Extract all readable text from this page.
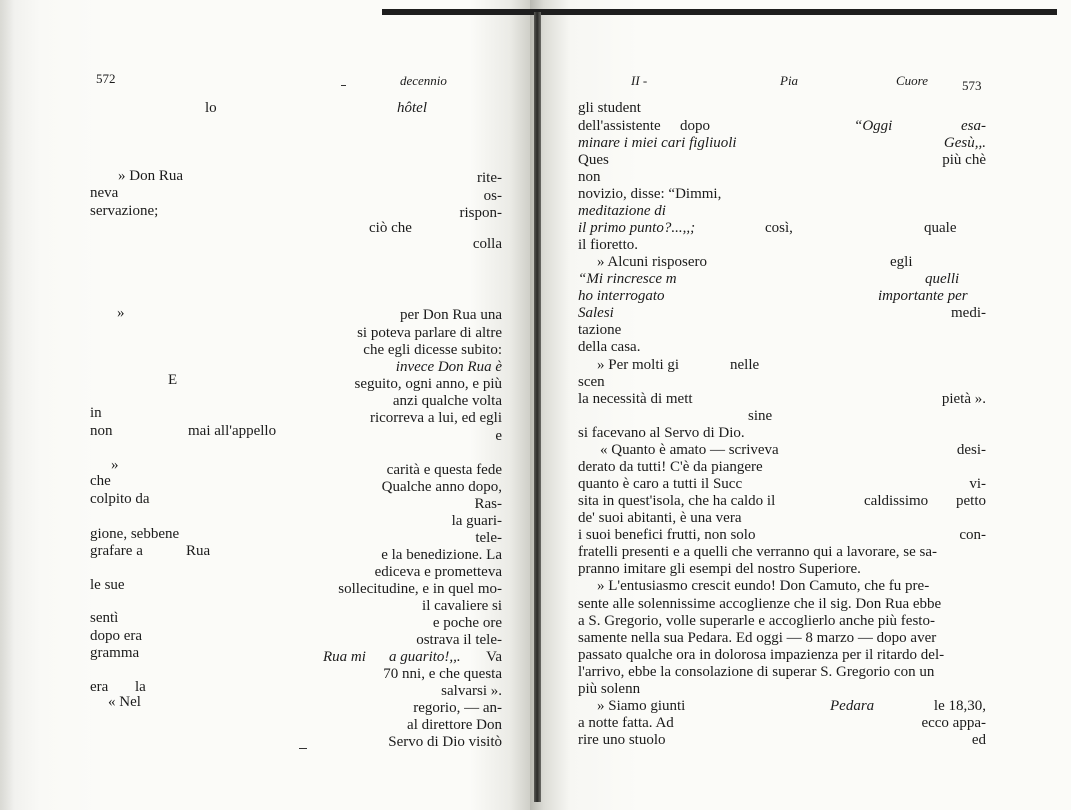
572	decennio
lo	hôtel
» Don Rua	rite-
neva	os-
servazione;	rispon-
ciò che
colla
»	per Don Rua una
si poteva parlare di altre
che egli dicesse subito:
invece Don Rua è
E	seguito, ogni anno, e più
anzi qualche volta
in	ricorreva a lui, ed egli
non	mai all'appello	e
»	carità e questa fede
che	Qualche anno dopo,
colpito da	Ras-
la guari-
gione, sebbene	tele-
grafare a	Rua	e la benedizione. La
ediceva e prometteva
le sue	sollecitudine, e in quel mo-
il cavaliere si
sentì	e poche ore
dopo era	ostrava il tele-
gramma	Rua mi a guarito!,,. Va
70 nni, e che questa
era la	salvarsi ».
« Nel	regorio, — an-
al direttore Don
Servo di Dio visitò
II -	Pia	Cuore	573
gli student
dell'assistente dopo	“Oggi	esa-
minare i miei cari figliuoli	Gesù,,.
Ques	più chè
non
novizio, disse: “Dimmi,
meditazione di
il primo punto?...,,;	così,	quale
il fioretto.
» Alcuni risposero	egli
“Mi rincresce m	quelli
ho interrogato	importante per
Salesi	medi-
tazione
della casa.
» Per molti gi	nelle
scen
la necessità di mett	pietà ».
sine
si facevano al Servo di Dio.
« Quanto è amato — scriveva	desi-
derato da tutti! C'è da piangere
quanto è caro a tutti il Succ	vi-
sita in quest'isola, che ha caldo il	caldissimo petto
de' suoi abitanti, è una vera
i suoi benefici frutti, non solo	con-
fratelli presenti e a quelli che verranno qui a lavorare, se sa-
pranno imitare gli esempi del nostro Superiore.
» L'entusiasmo crescit eundo! Don Camuto, che fu pre-
sente alle solennissime accoglienze che il sig. Don Rua ebbe
a S. Gregorio, volle superarle e accoglierlo anche più festo-
samente nella sua Pedara. Ed oggi — 8 marzo — dopo aver
passato qualche ora in dolorosa impazienza per il ritardo del-
l'arrivo, ebbe la consolazione di superar S. Gregorio con un
più solenn
» Siamo giunti	Pedara	le 18,30,
a notte fatta. Ad	ecco appa-
rire uno stuolo	ed
